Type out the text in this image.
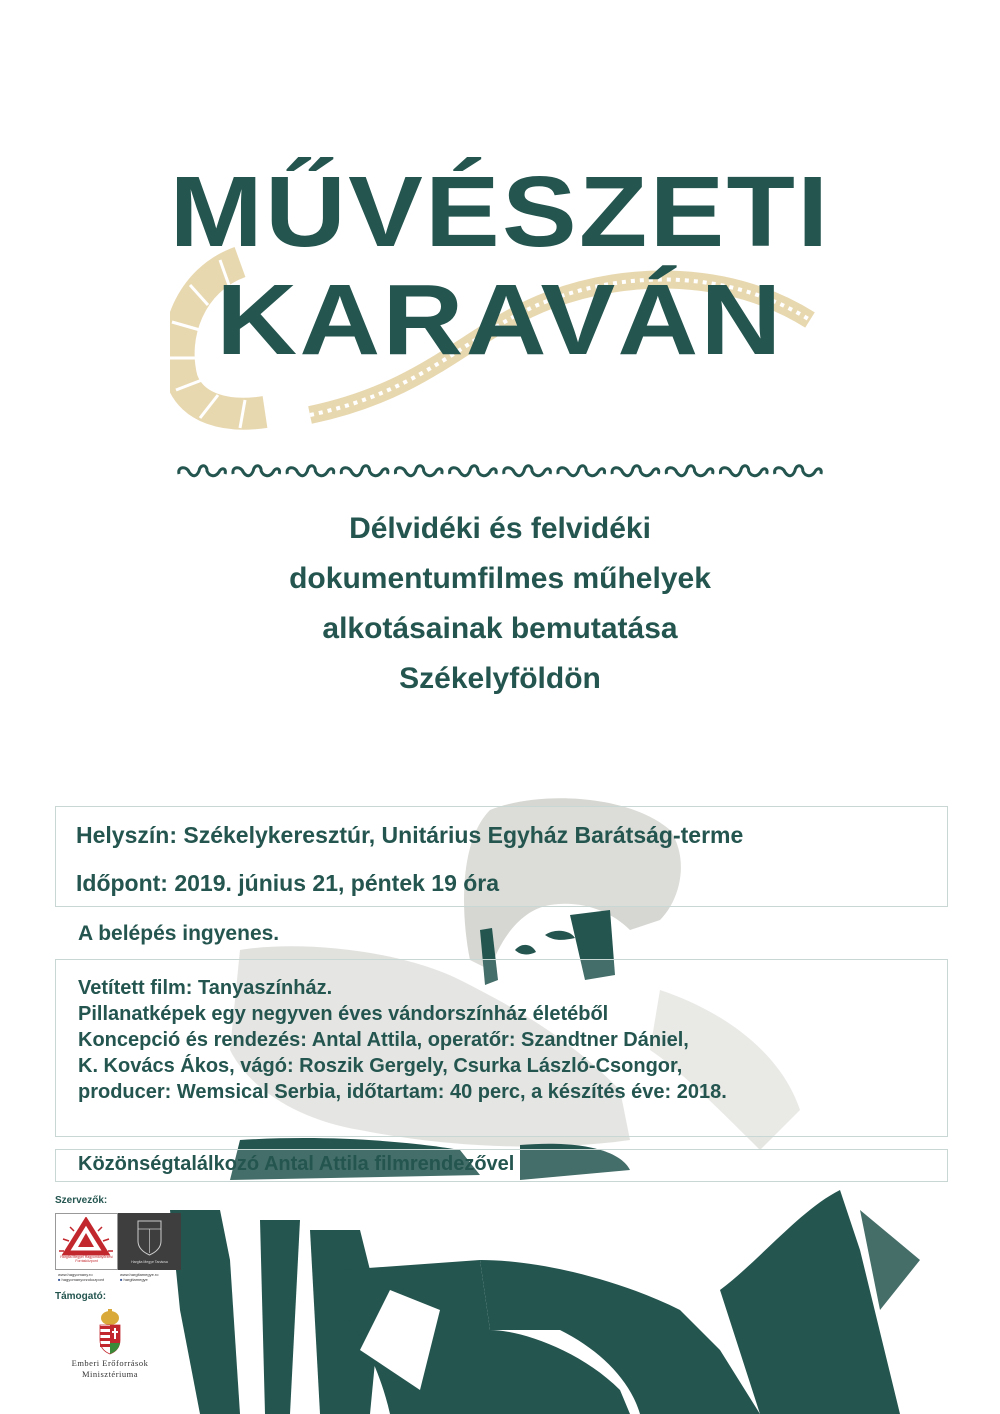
MŰVÉSZETI
KARAVÁN
Délvidéki és felvidéki
dokumentumfilmes műhelyek
alkotásainak bemutatása
Székelyföldön
Helyszín: Székelykeresztúr, Unitárius Egyház Barátság-terme
Időpont: 2019. június 21, péntek 19 óra
A belépés ingyenes.
Vetített film: Tanyaszínház.
Pillanatképek egy negyven éves vándorszínház életéből
Koncepció és rendezés: Antal Attila, operatőr: Szandtner Dániel,
K. Kovács Ákos, vágó: Roszik Gergely, Csurka László-Csongor,
producer: Wemsical Serbia, időtartam: 40 perc, a készítés éve: 2018.
Közönségtalálkozó Antal Attila filmrendezővel
Szervezők:
Hargita Megyei Hagyományőrzési Forrásközpont	Hargita Megye Tanácsa
www.hagyomany.ro
■ hagyomanyorzokozpont
www.hargitamegye.ro
■ hargitamegye
Támogató:
Emberi Erőforrások
Minisztériuma
